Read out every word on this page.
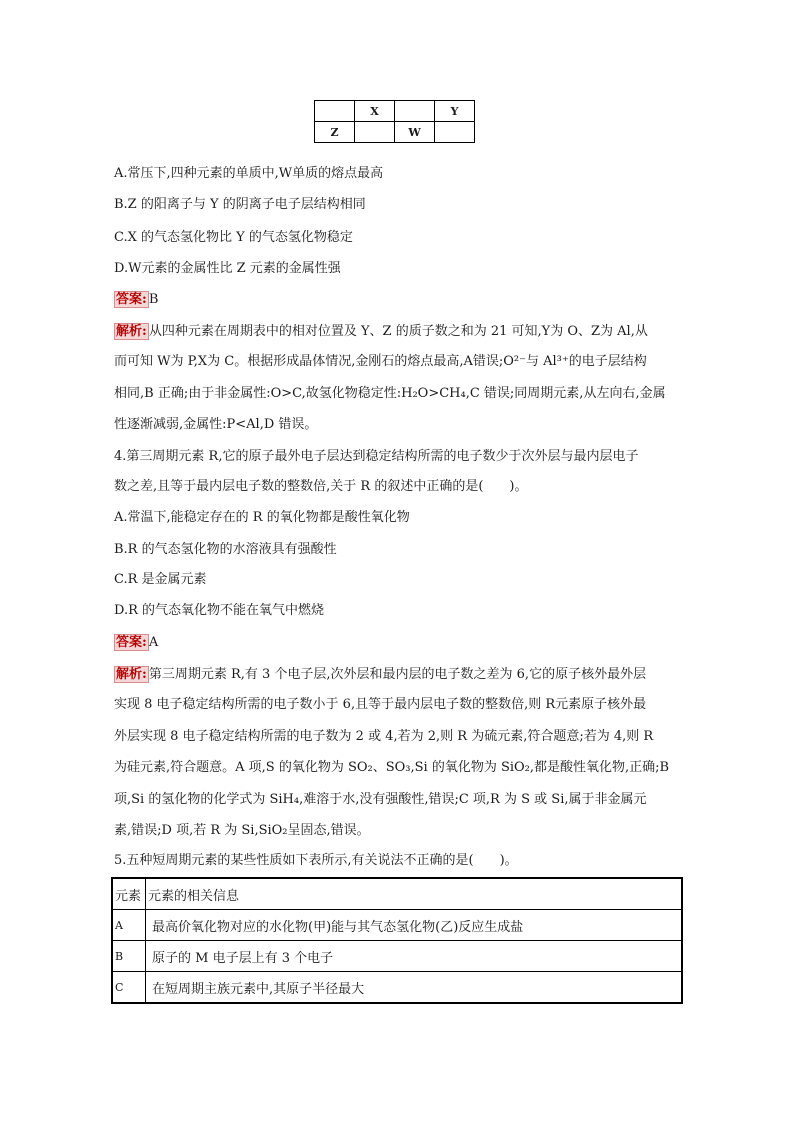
	X		Y
Z		W	
A.常压下,四种元素的单质中,W单质的熔点最高
B.Z 的阳离子与 Y 的阴离子电子层结构相同
C.X 的气态氢化物比 Y 的气态氢化物稳定
D.W元素的金属性比 Z 元素的金属性强
答案: B
解析: 从四种元素在周期表中的相对位置及 Y、Z 的质子数之和为 21 可知,Y为 O、Z为 Al,从
而可知 W为 P,X为 C。根据形成晶体情况,金刚石的熔点最高,A错误;O²⁻与 Al³⁺的电子层结构
相同,B 正确;由于非金属性:O>C,故氢化物稳定性:H₂O>CH₄,C 错误;同周期元素,从左向右,金属
性逐渐减弱,金属性:P<Al,D 错误。
4.第三周期元素 R,它的原子最外电子层达到稳定结构所需的电子数少于次外层与最内层电子
数之差,且等于最内层电子数的整数倍,关于 R 的叙述中正确的是(　　)。
A.常温下,能稳定存在的 R 的氧化物都是酸性氧化物
B.R 的气态氢化物的水溶液具有强酸性
C.R 是金属元素
D.R 的气态氧化物不能在氧气中燃烧
答案: A
解析: 第三周期元素 R,有 3 个电子层,次外层和最内层的电子数之差为 6,它的原子核外最外层
实现 8 电子稳定结构所需的电子数小于 6,且等于最内层电子数的整数倍,则 R元素原子核外最
外层实现 8 电子稳定结构所需的电子数为 2 或 4,若为 2,则 R 为硫元素,符合题意;若为 4,则 R
为硅元素,符合题意。A 项,S 的氧化物为 SO₂、SO₃,Si 的氧化物为 SiO₂,都是酸性氧化物,正确;B
项,Si 的氢化物的化学式为 SiH₄,难溶于水,没有强酸性,错误;C 项,R 为 S 或 Si,属于非金属元
素,错误;D 项,若 R 为 Si,SiO₂呈固态,错误。
5.五种短周期元素的某些性质如下表所示,有关说法不正确的是(　　)。
元素	元素的相关信息
A	最高价氧化物对应的水化物(甲)能与其气态氢化物(乙)反应生成盐
B	原子的 M 电子层上有 3 个电子
C	在短周期主族元素中,其原子半径最大
